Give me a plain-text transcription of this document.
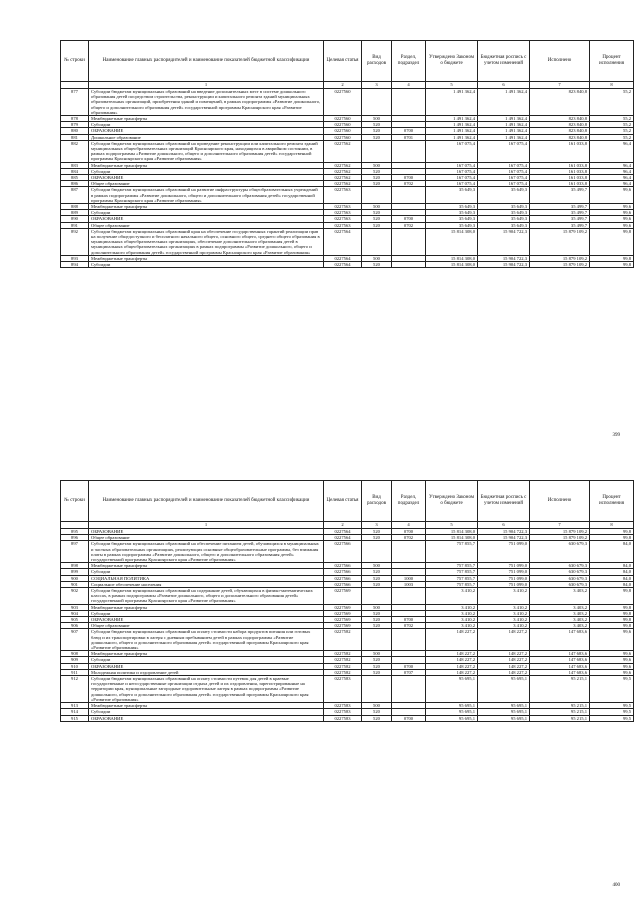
№ строки	Наименование главных распорядителей и наименование показателей бюджетной классификации	Целевая статья	Вид расходов	Раздел, подраздел	Утверждено Законом о бюджете	Бюджетная роспись с учетом изменений	Исполнено	Процент исполнения
	1	2	3	4	5	6	7	8
877	Субсидии бюджетам муниципальных образований на введение дополнительных мест в системе дошкольного образования детей посредством строительства, реконструкции и капитального ремонта зданий муниципальных образовательных организаций, приобретения зданий и помещений, в рамках подпрограммы «Развитие дошкольного, общего и дополнительного образования детей» государственной программы Красноярского края «Развитие образования»	0227560			1 491 362,4	1 491 362,4	823 840,8	55,2
878	Межбюджетные трансферты	0227560	500		1 491 362,4	1 491 362,4	823 840,8	55,2
879	Субсидии	0227560	520		1 491 362,4	1 491 362,4	823 840,8	55,2
880	ОБРАЗОВАНИЕ	0227560	520	0700	1 491 362,4	1 491 362,4	823 840,8	55,2
881	Дошкольное образование	0227560	520	0701	1 491 362,4	1 491 362,4	823 840,8	55,2
882	Субсидии бюджетам муниципальных образований на проведение реконструкции или капитального ремонта зданий муниципальных общеобразовательных организаций Красноярского края, находящихся в аварийном состоянии, в рамках подпрограммы «Развитие дошкольного, общего и дополнительного образования детей» государственной программы Красноярского края «Развитие образования»	0227562			167 075,4	167 075,4	161 033,8	96,4
883	Межбюджетные трансферты	0227562	500		167 075,4	167 075,4	161 033,8	96,4
884	Субсидии	0227562	520		167 075,4	167 075,4	161 033,8	96,4
885	ОБРАЗОВАНИЕ	0227562	520	0700	167 075,4	167 075,4	161 033,8	96,4
886	Общее образование	0227562	520	0702	167 075,4	167 075,4	161 033,8	96,4
887	Субсидии бюджетам муниципальных образований на развитие инфраструктуры общеобразовательных учреждений в рамках подпрограммы «Развитие дошкольного, общего и дополнительного образования детей» государственной программы Красноярского края «Развитие образования»	0227563			35 649,3	35 649,3	35 499,7	99,6
888	Межбюджетные трансферты	0227563	500		35 649,3	35 649,3	35 499,7	99,6
889	Субсидии	0227563	520		35 649,3	35 649,3	35 499,7	99,6
890	ОБРАЗОВАНИЕ	0227563	520	0700	35 649,3	35 649,3	35 499,7	99,6
891	Общее образование	0227563	520	0702	35 649,3	35 649,3	35 499,7	99,6
892	Субсидии бюджетам муниципальных образований края на обеспечение государственных гарантий реализации прав на получение общедоступного и бесплатного начального общего, основного общего, среднего общего образования в муниципальных общеобразовательных организациях, обеспечение дополнительного образования детей в муниципальных общеобразовательных организациях в рамках подпрограммы «Развитие дошкольного, общего и дополнительного образования детей» государственной программы Красноярского края «Развитие образования»	0227564			15 814 308,0	15 904 722,3	15 879 109,2	99,8
893	Межбюджетные трансферты	0227564	500		15 814 308,0	15 904 722,3	15 879 109,2	99,8
894	Субсидии	0227564	520		15 814 308,0	15 904 722,3	15 879 109,2	99,8
399
№ строки	Наименование главных распорядителей и наименование показателей бюджетной классификации	Целевая статья	Вид расходов	Раздел, подраздел	Утверждено Законом о бюджете	Бюджетная роспись с учетом изменений	Исполнено	Процент исполнения
	1	2	3	4	5	6	7	8
895	ОБРАЗОВАНИЕ	0227564	520	0700	15 814 308,0	15 904 722,3	15 879 109,2	99,8
896	Общее образование	0227564	520	0702	15 814 308,0	15 904 722,3	15 879 109,2	99,8
897	Субсидии бюджетам муниципальных образований на обеспечение питанием детей, обучающихся в муниципальных и частных образовательных организациях, реализующих основные общеобразовательные программы, без взимания платы в рамках подпрограммы «Развитие дошкольного, общего и дополнительного образования детей» государственной программы Красноярского края «Развитие образования»	0227566			757 855,7	751 099,0	630 679,3	84,0
898	Межбюджетные трансферты	0227566	500		757 855,7	751 099,0	630 679,3	84,0
899	Субсидии	0227566	520		757 855,7	751 099,0	630 679,3	84,0
900	СОЦИАЛЬНАЯ ПОЛИТИКА	0227566	520	1000	757 855,7	751 099,0	630 679,3	84,0
901	Социальное обеспечение населения	0227566	520	1003	757 855,7	751 099,0	630 679,3	84,0
902	Субсидии бюджетам муниципальных образований на содержание детей, обучающихся в физико-математических классах, в рамках подпрограммы «Развитие дошкольного, общего и дополнительного образования детей» государственной программы Красноярского края «Развитие образования»	0227569			3 410,2	3 410,2	3 403,2	99,8
903	Межбюджетные трансферты	0227569	500		3 410,2	3 410,2	3 403,2	99,8
904	Субсидии	0227569	520		3 410,2	3 410,2	3 403,2	99,8
905	ОБРАЗОВАНИЕ	0227569	520	0700	3 410,2	3 410,2	3 403,2	99,8
906	Общее образование	0227569	520	0702	3 410,2	3 410,2	3 403,2	99,8
907	Субсидии бюджетам муниципальных образований на оплату стоимости набора продуктов питания или готовых блюд и их транспортировки в лагеря с дневным пребыванием детей в рамках подпрограммы «Развитие дошкольного, общего и дополнительного образования детей» государственной программы Красноярского края «Развитие образования»	0227582			148 227,2	148 227,2	147 683,6	99,6
908	Межбюджетные трансферты	0227582	500		148 227,2	148 227,2	147 683,6	99,6
909	Субсидии	0227582	520		148 227,2	148 227,2	147 683,6	99,6
910	ОБРАЗОВАНИЕ	0227582	520	0700	148 227,2	148 227,2	147 683,6	99,6
911	Молодежная политика и оздоровление детей	0227582	520	0707	148 227,2	148 227,2	147 683,6	99,6
912	Субсидии бюджетам муниципальных образований на оплату стоимости путевок для детей в краевые государственные и негосударственные организации отдыха детей и их оздоровления, зарегистрированные на территории края, муниципальные загородные оздоровительные лагеря в рамках подпрограммы «Развитие дошкольного, общего и дополнительного образования детей» государственной программы Красноярского края «Развитие образования»	0227583			95 695,1	95 695,1	95 215,1	99,5
913	Межбюджетные трансферты	0227583	500		95 695,1	95 695,1	95 215,1	99,5
914	Субсидии	0227583	520		95 695,1	95 695,1	95 215,1	99,5
915	ОБРАЗОВАНИЕ	0227583	520	0700	95 695,1	95 695,1	95 215,1	99,5
400
